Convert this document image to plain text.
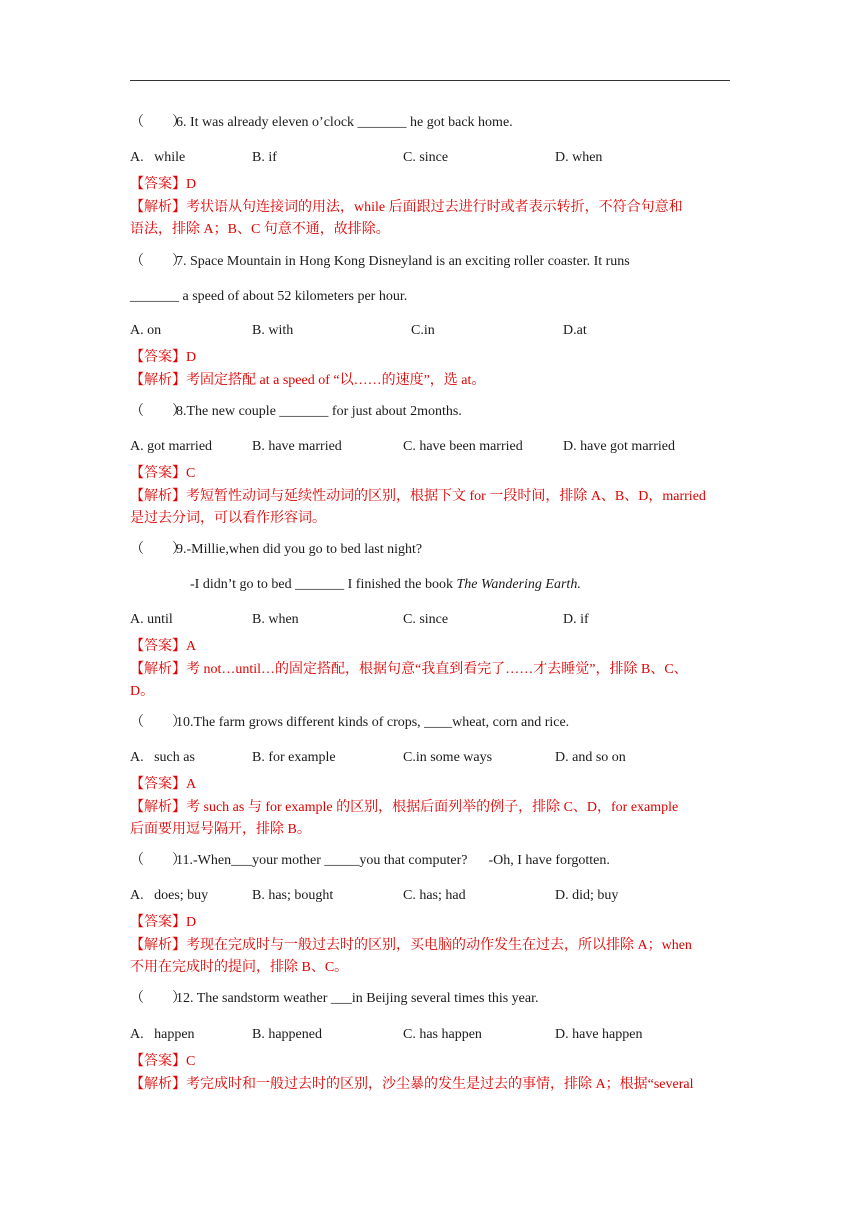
（　　）6. It was already eleven o’clock _______ he got back home.

A.   while

	B. if

	C. since

	D. when

【答案】D
【解析】考状语从句连接词的用法，while 后面跟过去进行时或者表示转折，不符合句意和
语法，排除 A；B、C 句意不通，故排除。
（　　）7. Space Mountain in Hong Kong Disneyland is an exciting roller coaster. It runs
_______ a speed of about 52 kilometers per hour.

A. on

	B. with

	C.in

	D.at

【答案】D
【解析】考固定搭配 at a speed of “以……的速度”，选 at。
（　　）8.The new couple _______ for just about 2months.

A. got married

	B. have married

	C. have been married

	D. have got married

【答案】C
【解析】考短暂性动词与延续性动词的区别，根据下文 for 一段时间，排除 A、B、D，married
是过去分词，可以看作形容词。
（　　）9.-Millie,when did you go to bed last night?
-I didn’t go to bed _______ I finished the book The Wandering Earth.

A. until

	B. when

	C. since

	D. if

【答案】A
【解析】考 not…until…的固定搭配，根据句意“我直到看完了……才去睡觉”，排除 B、C、
D。
（　　）10.The farm grows different kinds of crops, ____wheat, corn and rice.

A.   such as

	B. for example

	C.in some ways

	D. and so on

【答案】A
【解析】考 such as 与 for example 的区别，根据后面列举的例子，排除 C、D，for example
后面要用逗号隔开，排除 B。
（　　）11.-When___your mother _____you that computer?      -Oh, I have forgotten.

A.   does; buy

	B. has; bought

	C. has; had

	D. did; buy

【答案】D
【解析】考现在完成时与一般过去时的区别，买电脑的动作发生在过去，所以排除 A；when
不用在完成时的提问，排除 B、C。
（　　）12. The sandstorm weather ___in Beijing several times this year.

A.   happen

	B. happened

	C. has happen

	D. have happen

【答案】C
【解析】考完成时和一般过去时的区别，沙尘暴的发生是过去的事情，排除 A；根据“several
